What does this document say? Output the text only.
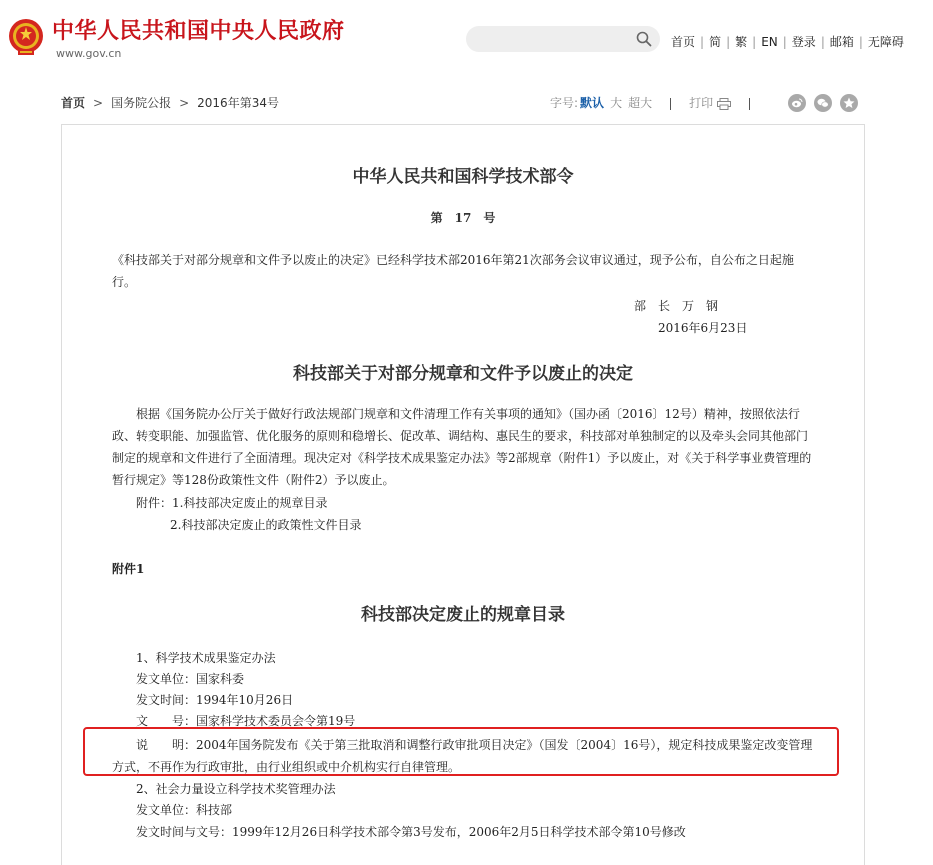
中华人民共和国中央人民政府
www.gov.cn
首页 | 简 | 繁 | EN | 登录 | 邮箱 | 无障碍
首页 > 国务院公报 > 2016年第34号	字号: 默认 大 超大	打印
中华人民共和国科学技术部令
第　17　号
《科技部关于对部分规章和文件予以废止的决定》已经科学技术部2016年第21次部务会议审议通过，现予公布，自公布之日起施
行。
部　长　万　钢
2016年6月23日
科技部关于对部分规章和文件予以废止的决定
根据《国务院办公厅关于做好行政法规部门规章和文件清理工作有关事项的通知》（国办函〔2016〕12号）精神，按照依法行
政、转变职能、加强监管、优化服务的原则和稳增长、促改革、调结构、惠民生的要求，科技部对单独制定的以及牵头会同其他部门
制定的规章和文件进行了全面清理。现决定对《科学技术成果鉴定办法》等2部规章（附件1）予以废止，对《关于科学事业费管理的
暂行规定》等128份政策性文件（附件2）予以废止。
附件：1.科技部决定废止的规章目录
2.科技部决定废止的政策性文件目录
附件1
科技部决定废止的规章目录
1、科学技术成果鉴定办法
发文单位：国家科委
发文时间：1994年10月26日
文　　号：国家科学技术委员会令第19号
说　　明：2004年国务院发布《关于第三批取消和调整行政审批项目决定》（国发〔2004〕16号），规定科技成果鉴定改变管理
方式，不再作为行政审批，由行业组织或中介机构实行自律管理。
2、社会力量设立科学技术奖管理办法
发文单位：科技部
发文时间与文号：1999年12月26日科学技术部令第3号发布，2006年2月5日科学技术部令第10号修改
